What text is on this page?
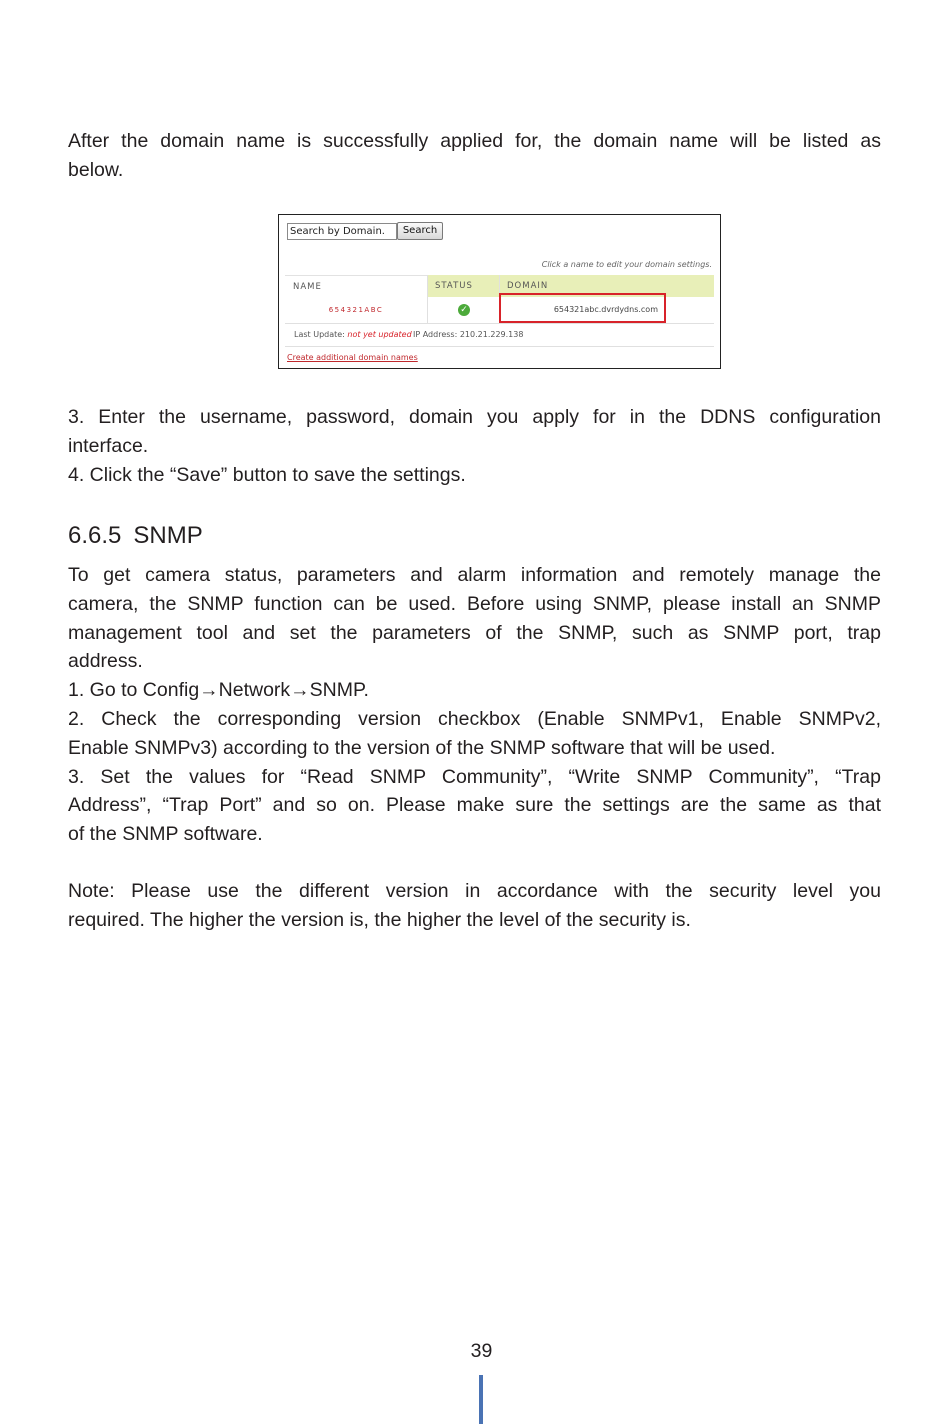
After the domain name is successfully applied for, the domain name will be listed as
below.

Search by Domain.	Search
Click a name to edit your domain settings.
NAME	STATUS	DOMAIN
654321ABC	✓	654321abc.dvrdydns.com
Last Update: not yet updated IP Address: 210.21.229.138
Create additional domain names

3. Enter the username, password, domain you apply for in the DDNS configuration
interface.
4. Click the “Save” button to save the settings.

6.6.5 SNMP

To get camera status, parameters and alarm information and remotely manage the
camera, the SNMP function can be used. Before using SNMP, please install an SNMP
management tool and set the parameters of the SNMP, such as SNMP port, trap
address.
1. Go to Config→Network→SNMP.
2. Check the corresponding version checkbox (Enable SNMPv1, Enable SNMPv2,
Enable SNMPv3) according to the version of the SNMP software that will be used.
3. Set the values for “Read SNMP Community”, “Write SNMP Community”, “Trap
Address”, “Trap Port” and so on. Please make sure the settings are the same as that
of the SNMP software.

Note: Please use the different version in accordance with the security level you
required. The higher the version is, the higher the level of the security is.

39
